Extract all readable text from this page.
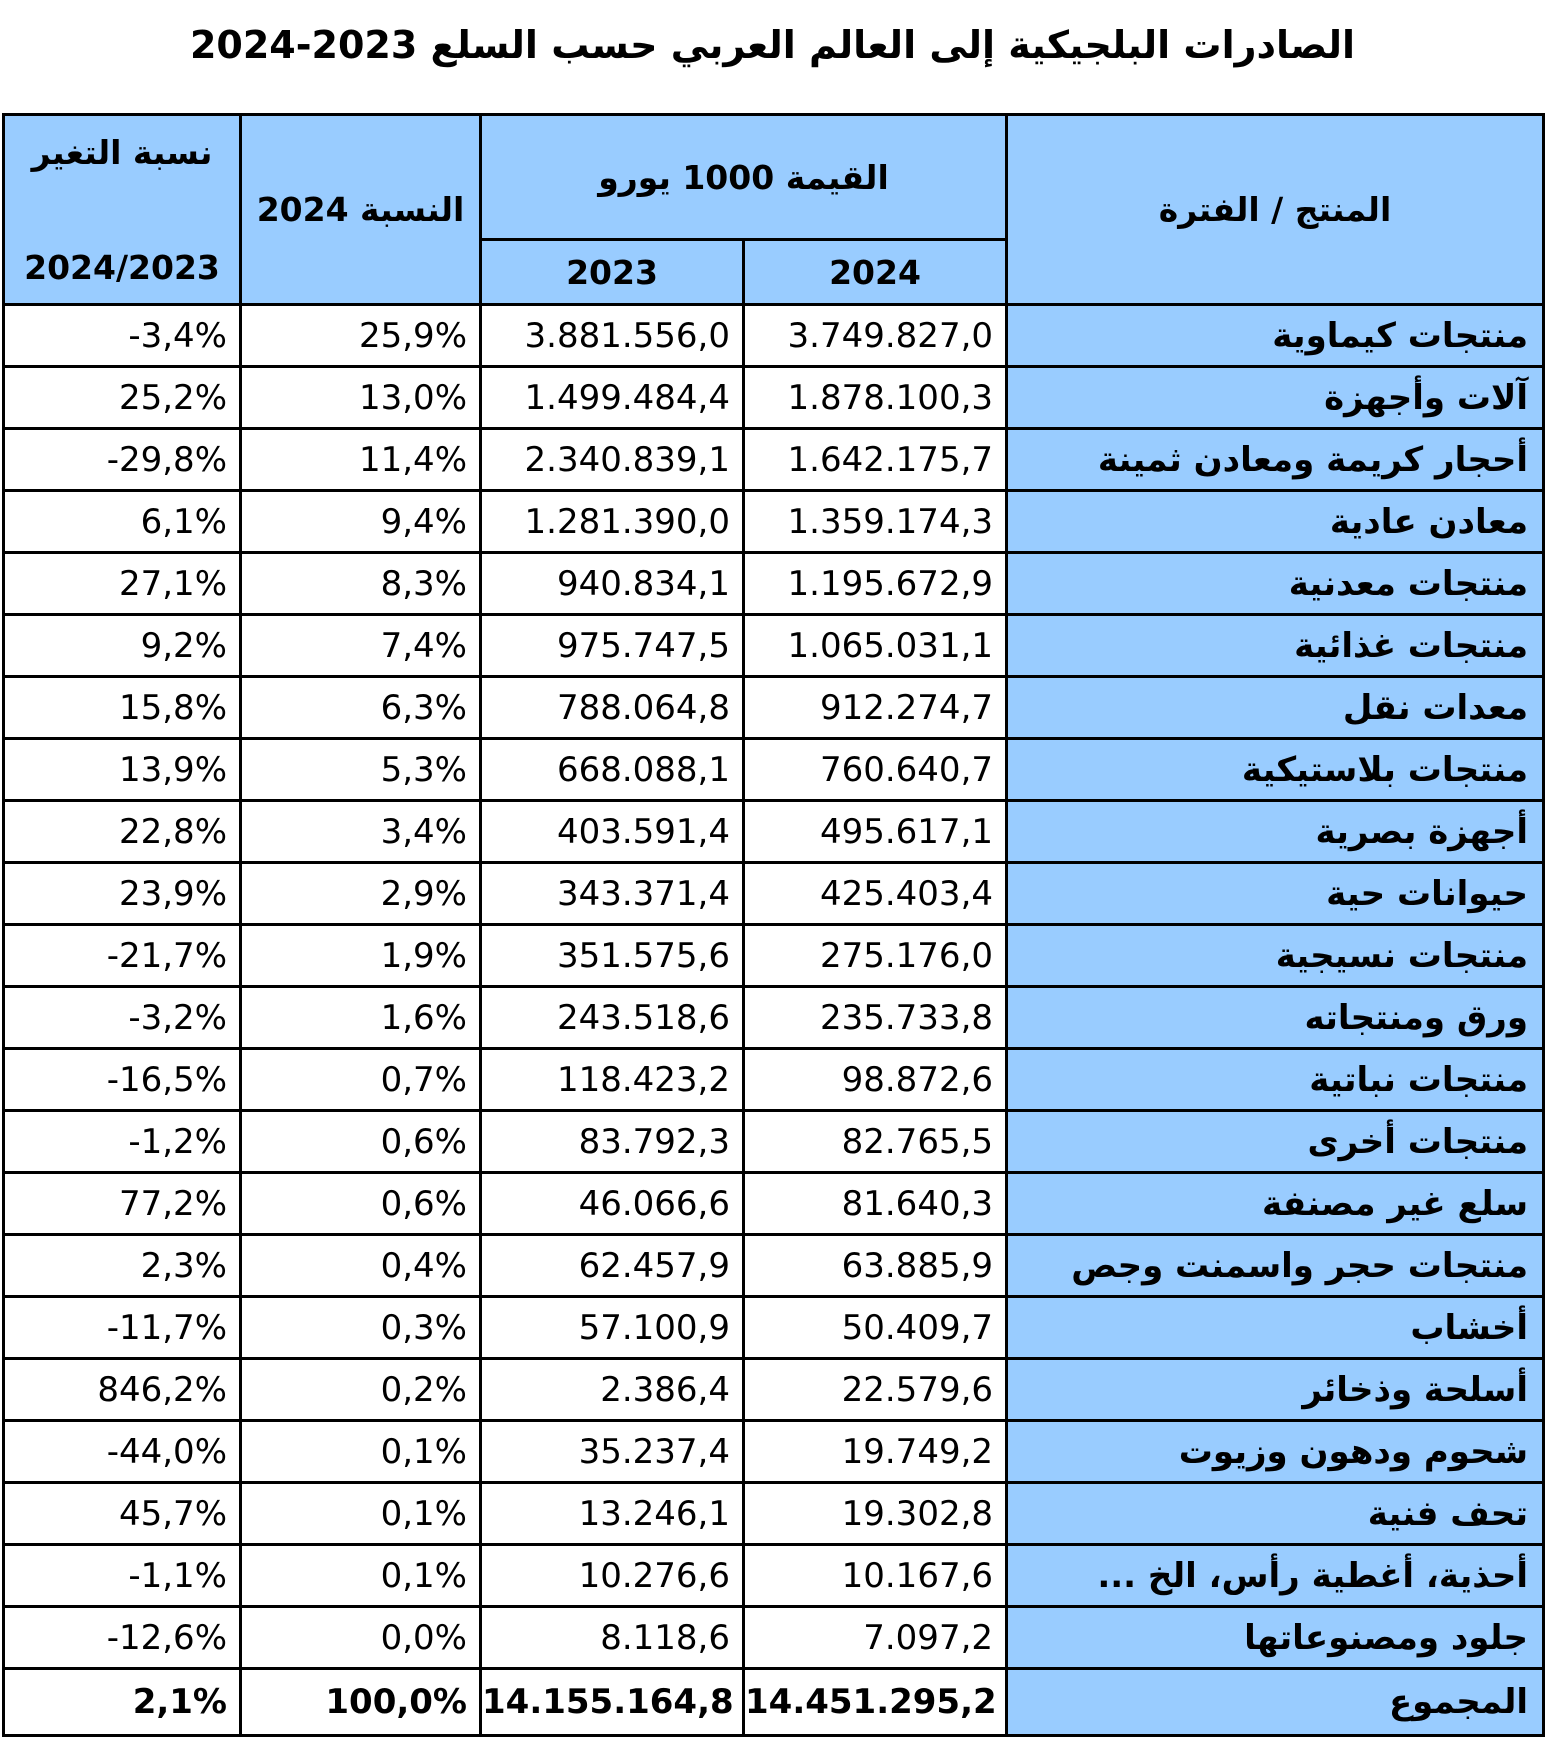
الصادرات البلجيكية إلى العالم العربي حسب السلع 2023-2024
نسبة التغير
2024/2023	النسبة 2024	القيمة 1000 يورو		المنتج / الفترة
		2023	2024	
-3,4%	25,9%	3.881.556,0	3.749.827,0	منتجات كيماوية
25,2%	13,0%	1.499.484,4	1.878.100,3	آلات وأجهزة
-29,8%	11,4%	2.340.839,1	1.642.175,7	أحجار كريمة ومعادن ثمينة
6,1%	9,4%	1.281.390,0	1.359.174,3	معادن عادية
27,1%	8,3%	940.834,1	1.195.672,9	منتجات معدنية
9,2%	7,4%	975.747,5	1.065.031,1	منتجات غذائية
15,8%	6,3%	788.064,8	912.274,7	معدات نقل
13,9%	5,3%	668.088,1	760.640,7	منتجات بلاستيكية
22,8%	3,4%	403.591,4	495.617,1	أجهزة بصرية
23,9%	2,9%	343.371,4	425.403,4	حيوانات حية
-21,7%	1,9%	351.575,6	275.176,0	منتجات نسيجية
-3,2%	1,6%	243.518,6	235.733,8	ورق ومنتجاته
-16,5%	0,7%	118.423,2	98.872,6	منتجات نباتية
-1,2%	0,6%	83.792,3	82.765,5	منتجات أخرى
77,2%	0,6%	46.066,6	81.640,3	سلع غير مصنفة
2,3%	0,4%	62.457,9	63.885,9	منتجات حجر واسمنت وجص
-11,7%	0,3%	57.100,9	50.409,7	أخشاب
846,2%	0,2%	2.386,4	22.579,6	أسلحة وذخائر
-44,0%	0,1%	35.237,4	19.749,2	شحوم ودهون وزيوت
45,7%	0,1%	13.246,1	19.302,8	تحف فنية
-1,1%	0,1%	10.276,6	10.167,6	أحذية، أغطية رأس، الخ ...
-12,6%	0,0%	8.118,6	7.097,2	جلود ومصنوعاتها
2,1%	100,0%	14.155.164,8	14.451.295,2	المجموع
